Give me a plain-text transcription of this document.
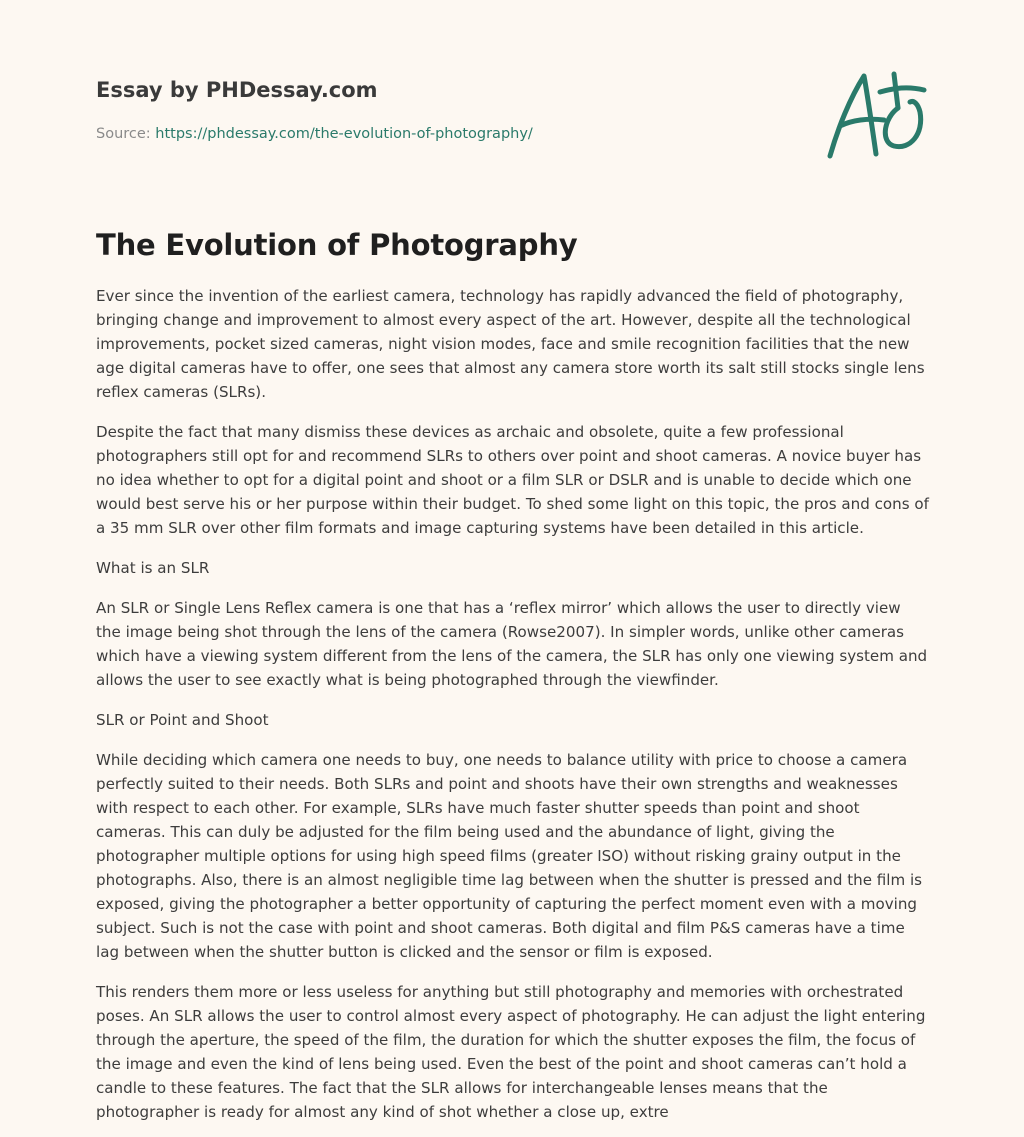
Essay by PHDessay.com

Source: https://phdessay.com/the-evolution-of-photography/
The Evolution of Photography

Ever since the invention of the earliest camera, technology has rapidly advanced the field of photography, bringing change and improvement to almost every aspect of the art. However, despite all the technological improvements, pocket sized cameras, night vision modes, face and smile recognition facilities that the new age digital cameras have to offer, one sees that almost any camera store worth its salt still stocks single lens reflex cameras (SLRs).

Despite the fact that many dismiss these devices as archaic and obsolete, quite a few professional photographers still opt for and recommend SLRs to others over point and shoot cameras. A novice buyer has no idea whether to opt for a digital point and shoot or a film SLR or DSLR and is unable to decide which one would best serve his or her purpose within their budget. To shed some light on this topic, the pros and cons of a 35 mm SLR over other film formats and image capturing systems have been detailed in this article.

What is an SLR

An SLR or Single Lens Reflex camera is one that has a ‘reflex mirror’ which allows the user to directly view the image being shot through the lens of the camera (Rowse2007). In simpler words, unlike other cameras which have a viewing system different from the lens of the camera, the SLR has only one viewing system and allows the user to see exactly what is being photographed through the viewfinder.

SLR or Point and Shoot

While deciding which camera one needs to buy, one needs to balance utility with price to choose a camera perfectly suited to their needs. Both SLRs and point and shoots have their own strengths and weaknesses with respect to each other. For example, SLRs have much faster shutter speeds than point and shoot cameras. This can duly be adjusted for the film being used and the abundance of light, giving the photographer multiple options for using high speed films (greater ISO) without risking grainy output in the photographs. Also, there is an almost negligible time lag between when the shutter is pressed and the film is exposed, giving the photographer a better opportunity of capturing the perfect moment even with a moving subject. Such is not the case with point and shoot cameras. Both digital and film P&S cameras have a time lag between when the shutter button is clicked and the sensor or film is exposed.

This renders them more or less useless for anything but still photography and memories with orchestrated poses. An SLR allows the user to control almost every aspect of photography. He can adjust the light entering through the aperture, the speed of the film, the duration for which the shutter exposes the film, the focus of the image and even the kind of lens being used. Even the best of the point and shoot cameras can’t hold a candle to these features. The fact that the SLR allows for interchangeable lenses means that the photographer is ready for almost any kind of shot whether a close up, extre
